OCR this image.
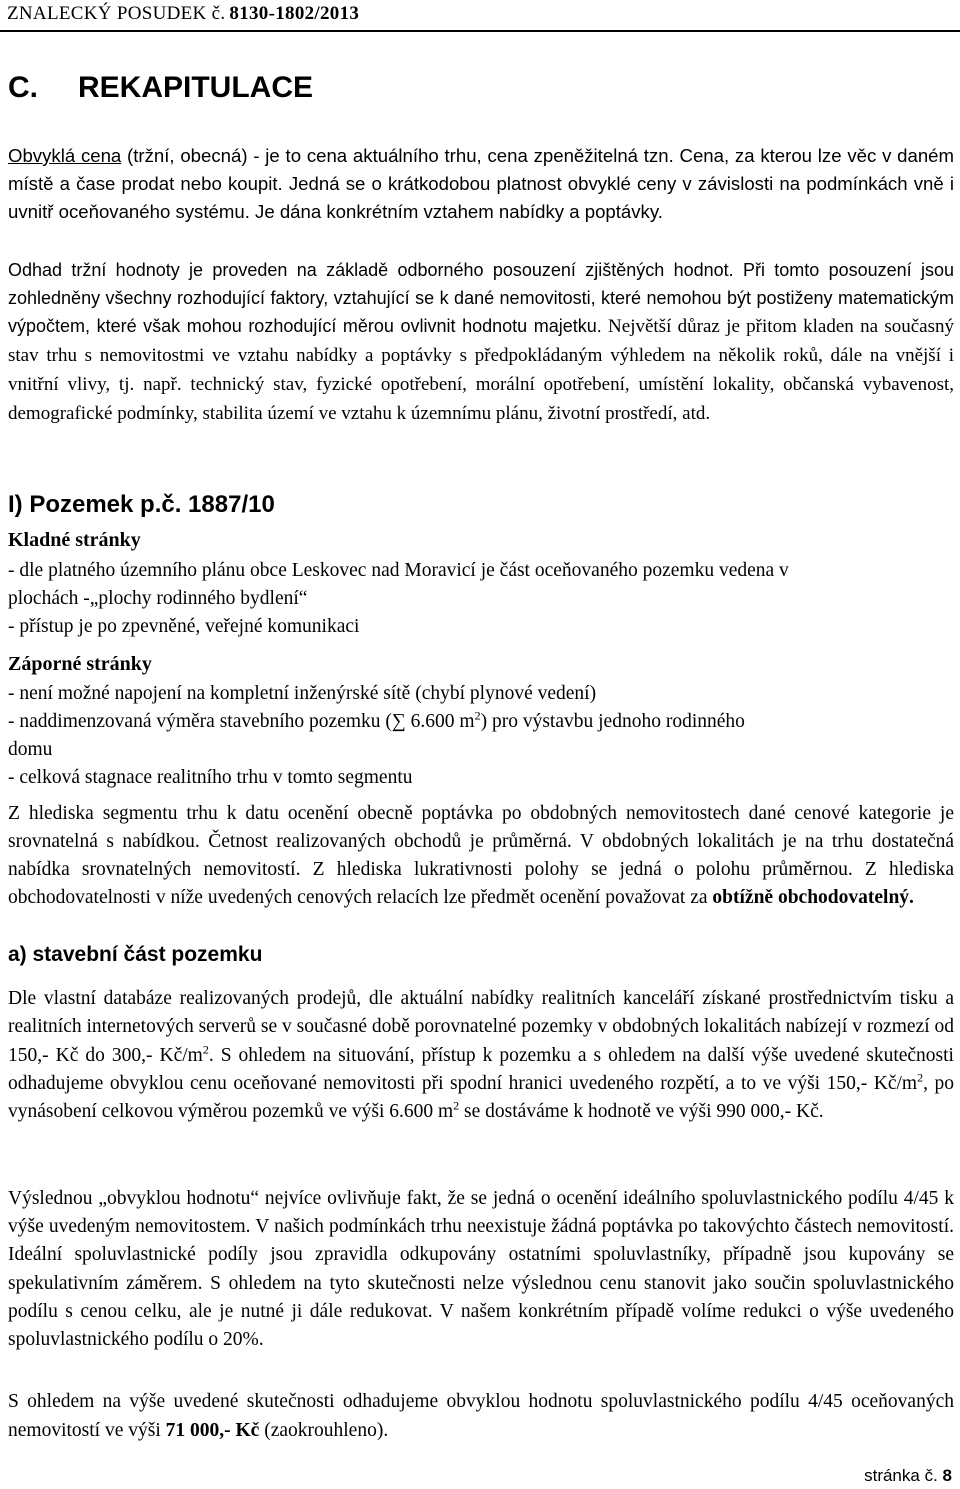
ZNALECKÝ POSUDEK č. 8130-1802/2013
C. REKAPITULACE
Obvyklá cena (tržní, obecná) - je to cena aktuálního trhu, cena zpeněžitelná tzn. Cena, za kterou lze věc v daném místě a čase prodat nebo koupit. Jedná se o krátkodobou platnost obvyklé ceny v závislosti na podmínkách vně i uvnitř oceňovaného systému. Je dána konkrétním vztahem nabídky a poptávky.
Odhad tržní hodnoty je proveden na základě odborného posouzení zjištěných hodnot. Při tomto posouzení jsou zohledněny všechny rozhodující faktory, vztahující se k dané nemovitosti, které nemohou být postiženy matematickým výpočtem, které však mohou rozhodující měrou ovlivnit hodnotu majetku. Největší důraz je přitom kladen na současný stav trhu s nemovitostmi ve vztahu nabídky a poptávky s předpokládaným výhledem na několik roků, dále na vnější i vnitřní vlivy, tj. např. technický stav, fyzické opotřebení, morální opotřebení, umístění lokality, občanská vybavenost, demografické podmínky, stabilita území ve vztahu k územnímu plánu, životní prostředí, atd.
I) Pozemek p.č. 1887/10
Kladné stránky
- dle platného územního plánu obce Leskovec nad Moravicí je část oceňovaného pozemku vedena v
plochách -„plochy rodinného bydlení“
- přístup je po zpevněné, veřejné komunikaci
Záporné stránky
- není možné napojení na kompletní inženýrské sítě (chybí plynové vedení)
- naddimenzovaná výměra stavebního pozemku (∑ 6.600 $m^2$) pro výstavbu jednoho rodinného
domu
- celková stagnace realitního trhu v tomto segmentu
Z hlediska segmentu trhu k datu ocenění obecně poptávka po obdobných nemovitostech dané cenové kategorie je srovnatelná s nabídkou. Četnost realizovaných obchodů je průměrná. V obdobných lokalitách je na trhu dostatečná nabídka srovnatelných nemovitostí. Z hlediska lukrativnosti polohy se jedná o polohu průměrnou. Z hlediska obchodovatelnosti v níže uvedených cenových relacích lze předmět ocenění považovat za obtížně obchodovatelný.
a) stavební část pozemku
Dle vlastní databáze realizovaných prodejů, dle aktuální nabídky realitních kanceláří získané prostřednictvím tisku a realitních internetových serverů se v současné době porovnatelné pozemky v obdobných lokalitách nabízejí v rozmezí od 150,- Kč do 300,- $Kč/m^2$. S ohledem na situování, přístup k pozemku a s ohledem na další výše uvedené skutečnosti odhadujeme obvyklou cenu oceňované nemovitosti při spodní hranici uvedeného rozpětí, a to ve výši 150,- $Kč/m^2$, po vynásobení celkovou výměrou pozemků ve výši 6.600 $m^2$ se dostáváme k hodnotě ve výši 990 000,- Kč.
Výslednou „obvyklou hodnotu“ nejvíce ovlivňuje fakt, že se jedná o ocenění ideálního spoluvlastnického podílu 4/45 k výše uvedeným nemovitostem. V našich podmínkách trhu neexistuje žádná poptávka po takovýchto částech nemovitostí. Ideální spoluvlastnické podíly jsou zpravidla odkupovány ostatními spoluvlastníky, případně jsou kupovány se spekulativním záměrem. S ohledem na tyto skutečnosti nelze výslednou cenu stanovit jako součin spoluvlastnického podílu s cenou celku, ale je nutné ji dále redukovat. V našem konkrétním případě volíme redukci o výše uvedeného spoluvlastnického podílu o 20%.
S ohledem na výše uvedené skutečnosti odhadujeme obvyklou hodnotu spoluvlastnického podílu 4/45 oceňovaných nemovitostí ve výši 71 000,- Kč (zaokrouhleno).
stránka č. 8
